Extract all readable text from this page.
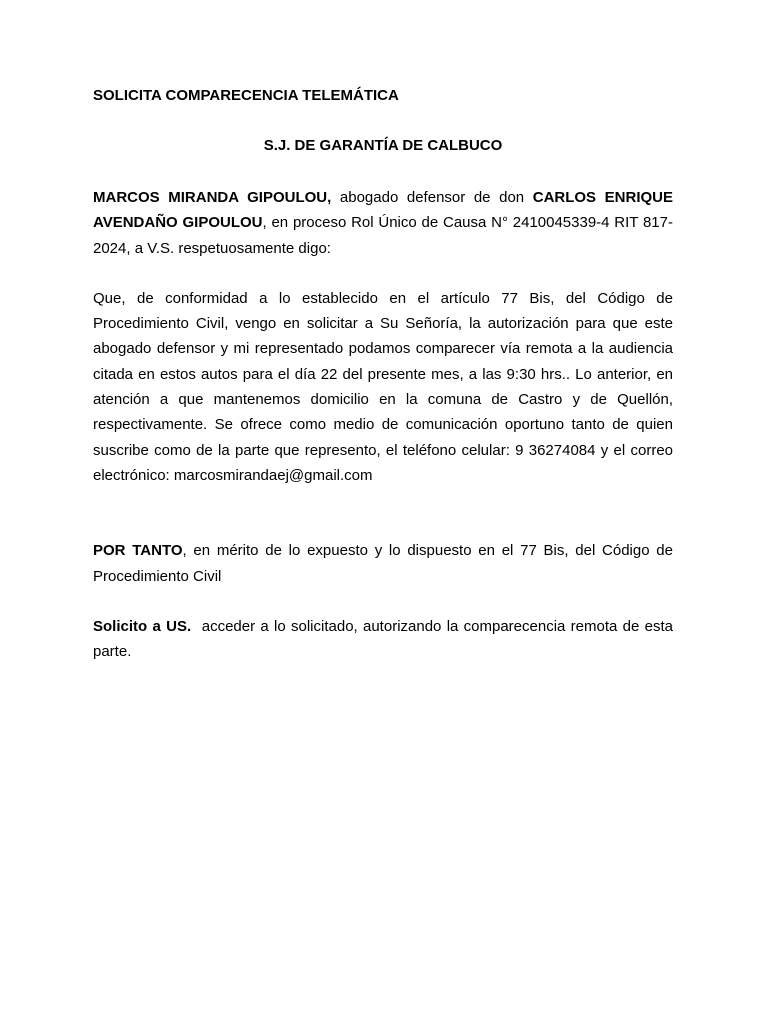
SOLICITA COMPARECENCIA TELEMÁTICA

S.J. DE GARANTÍA DE CALBUCO

MARCOS MIRANDA GIPOULOU, abogado defensor de don CARLOS ENRIQUE AVENDAÑO GIPOULOU, en proceso Rol Único de Causa N° 2410045339-4 RIT 817-2024, a V.S. respetuosamente digo:

Que, de conformidad a lo establecido en el artículo 77 Bis, del Código de Procedimiento Civil, vengo en solicitar a Su Señoría, la autorización para que este abogado defensor y mi representado podamos comparecer vía remota a la audiencia citada en estos autos para el día 22 del presente mes, a las 9:30 hrs.. Lo anterior, en atención a que mantenemos domicilio en la comuna de Castro y de Quellón, respectivamente. Se ofrece como medio de comunicación oportuno tanto de quien suscribe como de la parte que represento, el teléfono celular: 9 36274084 y el correo electrónico: marcosmirandaej@gmail.com

POR TANTO, en mérito de lo expuesto y lo dispuesto en el 77 Bis, del Código de Procedimiento Civil

Solicito a US.  acceder a lo solicitado, autorizando la comparecencia remota de esta parte.
